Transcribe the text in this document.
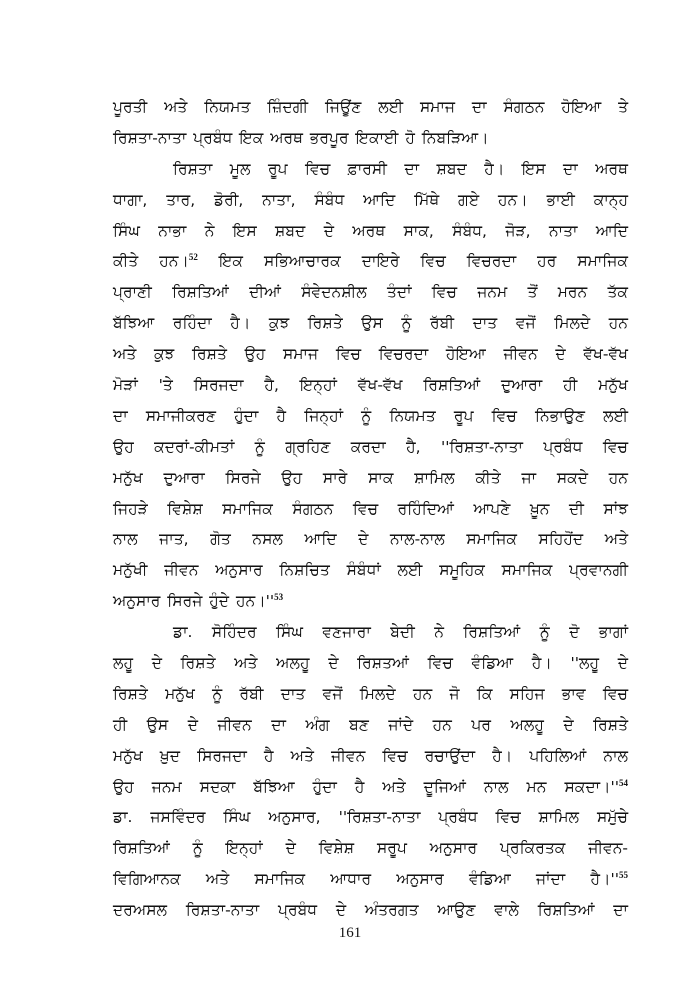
ਪੂਰਤੀ ਅਤੇ ਨਿਯਮਤ ਜ਼ਿੰਦਗੀ ਜਿਊਂਣ ਲਈ ਸਮਾਜ ਦਾ ਸੰਗਠਨ ਹੋਇਆ ਤੇ
ਰਿਸ਼ਤਾ-ਨਾਤਾ ਪ੍ਰਬੰਧ ਇਕ ਅਰਥ ਭਰਪੂਰ ਇਕਾਈ ਹੋ ਨਿਬੜਿਆ।
ਰਿਸ਼ਤਾ ਮੂਲ ਰੂਪ ਵਿਚ ਫ਼ਾਰਸੀ ਦਾ ਸ਼ਬਦ ਹੈ। ਇਸ ਦਾ ਅਰਥ
ਧਾਗਾ, ਤਾਰ, ਡੋਰੀ, ਨਾਤਾ, ਸੰਬੰਧ ਆਦਿ ਮਿੱਥੇ ਗਏ ਹਨ। ਭਾਈ ਕਾਨ੍ਹ
ਸਿੰਘ ਨਾਭਾ ਨੇ ਇਸ ਸ਼ਬਦ ਦੇ ਅਰਥ ਸਾਕ, ਸੰਬੰਧ, ਜੋੜ, ਨਾਤਾ ਆਦਿ
ਕੀਤੇ ਹਨ।$^{52}$ ਇਕ ਸਭਿਆਚਾਰਕ ਦਾਇਰੇ ਵਿਚ ਵਿਚਰਦਾ ਹਰ ਸਮਾਜਿਕ
ਪ੍ਰਾਣੀ ਰਿਸ਼ਤਿਆਂ ਦੀਆਂ ਸੰਵੇਦਨਸ਼ੀਲ ਤੰਦਾਂ ਵਿਚ ਜਨਮ ਤੋਂ ਮਰਨ ਤੱਕ
ਬੱਝਿਆ ਰਹਿੰਦਾ ਹੈ। ਕੁਝ ਰਿਸ਼ਤੇ ਉਸ ਨੂੰ ਰੱਬੀ ਦਾਤ ਵਜੋਂ ਮਿਲਦੇ ਹਨ
ਅਤੇ ਕੁਝ ਰਿਸ਼ਤੇ ਉਹ ਸਮਾਜ ਵਿਚ ਵਿਚਰਦਾ ਹੋਇਆ ਜੀਵਨ ਦੇ ਵੱਖ-ਵੱਖ
ਮੋੜਾਂ 'ਤੇ ਸਿਰਜਦਾ ਹੈ, ਇਨ੍ਹਾਂ ਵੱਖ-ਵੱਖ ਰਿਸ਼ਤਿਆਂ ਦੁਆਰਾ ਹੀ ਮਨੁੱਖ
ਦਾ ਸਮਾਜੀਕਰਣ ਹੁੰਦਾ ਹੈ ਜਿਨ੍ਹਾਂ ਨੂੰ ਨਿਯਮਤ ਰੂਪ ਵਿਚ ਨਿਭਾਉਣ ਲਈ
ਉਹ ਕਦਰਾਂ-ਕੀਮਤਾਂ ਨੂੰ ਗ੍ਰਹਿਣ ਕਰਦਾ ਹੈ, ''ਰਿਸ਼ਤਾ-ਨਾਤਾ ਪ੍ਰਬੰਧ ਵਿਚ
ਮਨੁੱਖ ਦੁਆਰਾ ਸਿਰਜੇ ਉਹ ਸਾਰੇ ਸਾਕ ਸ਼ਾਮਿਲ ਕੀਤੇ ਜਾ ਸਕਦੇ ਹਨ
ਜਿਹੜੇ ਵਿਸ਼ੇਸ਼ ਸਮਾਜਿਕ ਸੰਗਠਨ ਵਿਚ ਰਹਿੰਦਿਆਂ ਆਪਣੇ ਖ਼ੂਨ ਦੀ ਸਾਂਝ
ਨਾਲ ਜਾਤ, ਗੋਤ ਨਸਲ ਆਦਿ ਦੇ ਨਾਲ-ਨਾਲ ਸਮਾਜਿਕ ਸਹਿਹੋਂਦ ਅਤੇ
ਮਨੁੱਖੀ ਜੀਵਨ ਅਨੁਸਾਰ ਨਿਸ਼ਚਿਤ ਸੰਬੰਧਾਂ ਲਈ ਸਮੂਹਿਕ ਸਮਾਜਿਕ ਪ੍ਰਵਾਨਗੀ
ਅਨੁਸਾਰ ਸਿਰਜੇ ਹੁੰਦੇ $ਹਨ।''^{53}$
ਡਾ. ਸੋਹਿੰਦਰ ਸਿੰਘ ਵਣਜਾਰਾ ਬੇਦੀ ਨੇ ਰਿਸ਼ਤਿਆਂ ਨੂੰ ਦੋ ਭਾਗਾਂ
ਲਹੂ ਦੇ ਰਿਸ਼ਤੇ ਅਤੇ ਅਲਹੂ ਦੇ ਰਿਸ਼ਤਆਂ ਵਿਚ ਵੰਡਿਆ ਹੈ। ''ਲਹੂ ਦੇ
ਰਿਸ਼ਤੇ ਮਨੁੱਖ ਨੂੰ ਰੱਬੀ ਦਾਤ ਵਜੋਂ ਮਿਲਦੇ ਹਨ ਜੋ ਕਿ ਸਹਿਜ ਭਾਵ ਵਿਚ
ਹੀ ਉਸ ਦੇ ਜੀਵਨ ਦਾ ਅੰਗ ਬਣ ਜਾਂਦੇ ਹਨ ਪਰ ਅਲਹੂ ਦੇ ਰਿਸ਼ਤੇ
ਮਨੁੱਖ ਖ਼ੁਦ ਸਿਰਜਦਾ ਹੈ ਅਤੇ ਜੀਵਨ ਵਿਚ ਰਚਾਉਂਦਾ ਹੈ। ਪਹਿਲਿਆਂ ਨਾਲ
ਉਹ ਜਨਮ ਸਦਕਾ ਬੱਝਿਆ ਹੁੰਦਾ ਹੈ ਅਤੇ ਦੂਜਿਆਂ ਨਾਲ ਮਨ $ਸਕਦਾ।''^{54}$
ਡਾ. ਜਸਵਿੰਦਰ ਸਿੰਘ ਅਨੁਸਾਰ, ''ਰਿਸ਼ਤਾ-ਨਾਤਾ ਪ੍ਰਬੰਧ ਵਿਚ ਸ਼ਾਮਿਲ ਸਮੁੱਚੇ
ਰਿਸ਼ਤਿਆਂ ਨੂੰ ਇਨ੍ਹਾਂ ਦੇ ਵਿਸ਼ੇਸ਼ ਸਰੂਪ ਅਨੁਸਾਰ ਪ੍ਰਕਿਰਤਕ ਜੀਵਨ-
ਵਿਗਿਆਨਕ ਅਤੇ ਸਮਾਜਿਕ ਆਧਾਰ ਅਨੁਸਾਰ ਵੰਡਿਆ ਜਾਂਦਾ $ਹੈ।''^{55}$
ਦਰਅਸਲ ਰਿਸ਼ਤਾ-ਨਾਤਾ ਪ੍ਰਬੰਧ ਦੇ ਅੰਤਰਗਤ ਆਉਣ ਵਾਲੇ ਰਿਸ਼ਤਿਆਂ ਦਾ
161
